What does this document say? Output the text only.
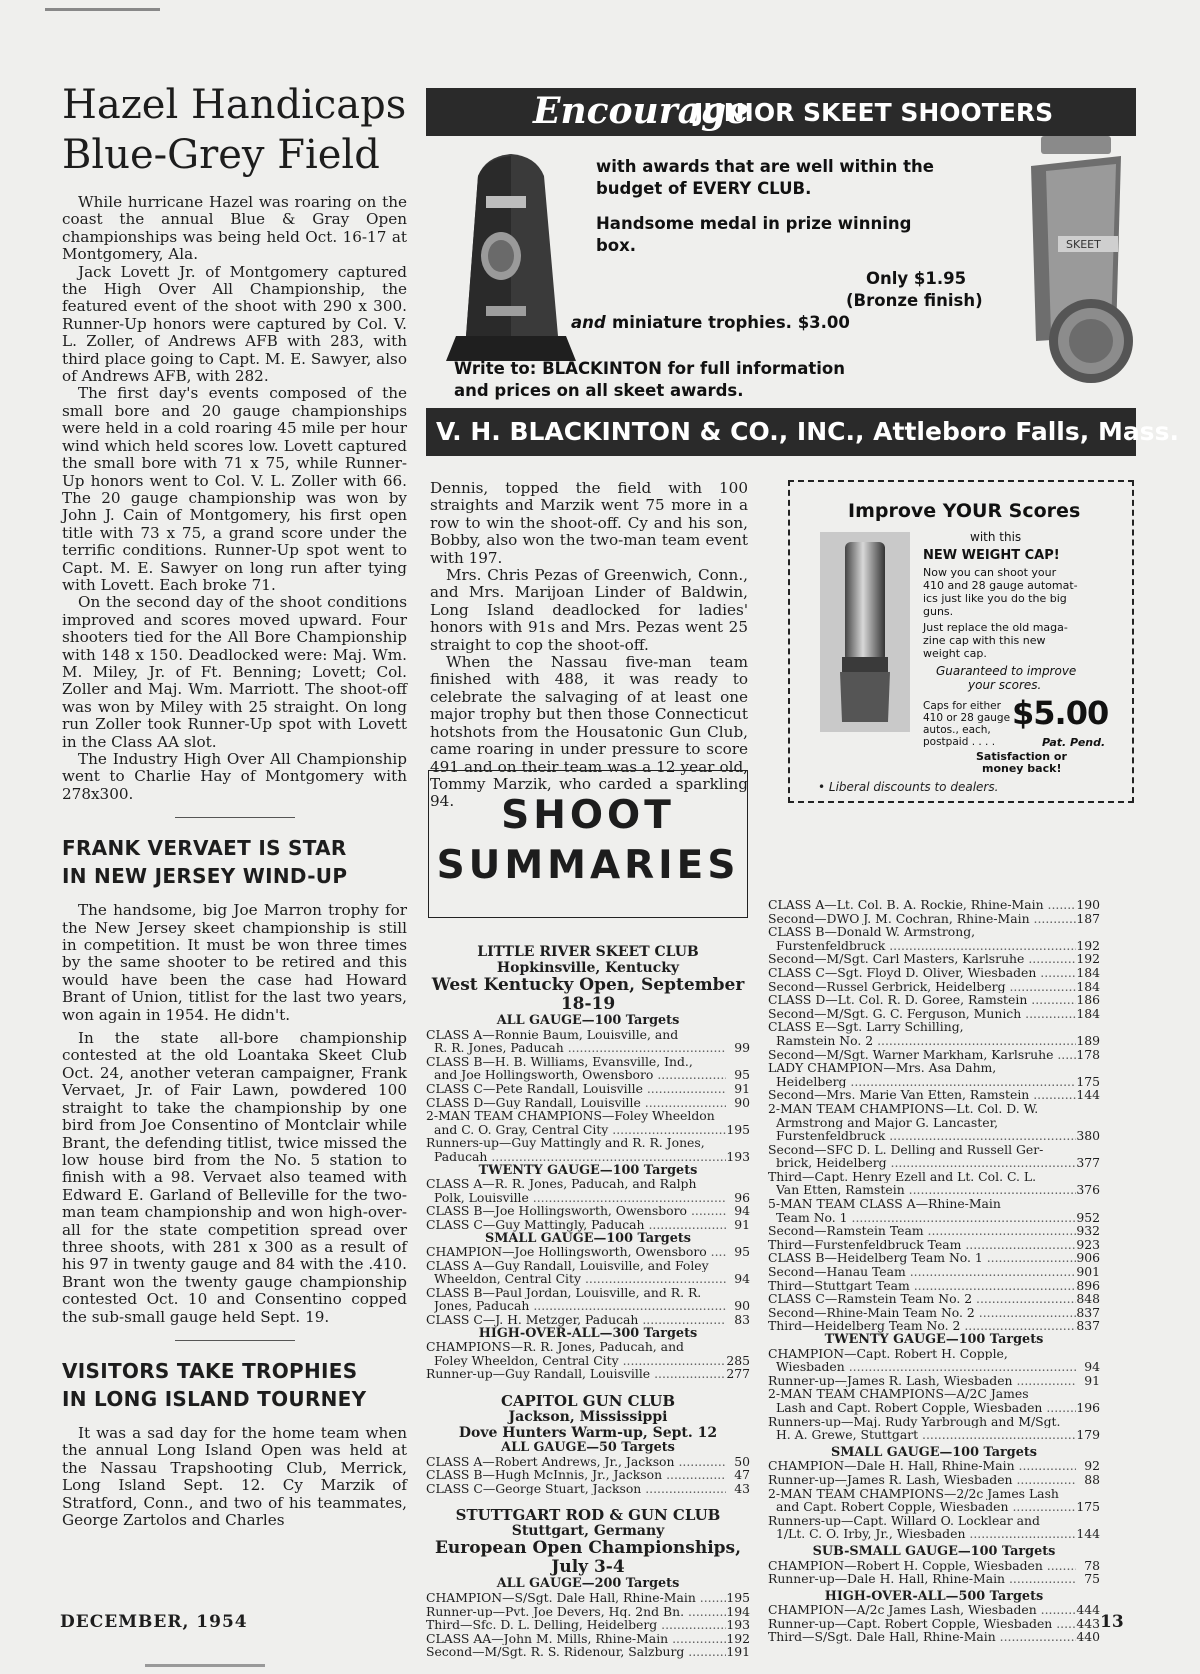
Hazel Handicaps
Blue-Grey Field

While hurricane Hazel was roaring on the coast the annual Blue & Gray Open championships was being held Oct. 16-17 at Montgomery, Ala.

Jack Lovett Jr. of Montgomery captured the High Over All Championship, the featured event of the shoot with 290 x 300. Runner-Up honors were captured by Col. V. L. Zoller, of Andrews AFB with 283, with third place going to Capt. M. E. Sawyer, also of Andrews AFB, with 282.

The first day's events composed of the small bore and 20 gauge championships were held in a cold roaring 45 mile per hour wind which held scores low. Lovett captured the small bore with 71 x 75, while Runner-Up honors went to Col. V. L. Zoller with 66. The 20 gauge championship was won by John J. Cain of Montgomery, his first open title with 73 x 75, a grand score under the terrific conditions. Runner-Up spot went to Capt. M. E. Sawyer on long run after tying with Lovett. Each broke 71.

On the second day of the shoot conditions improved and scores moved upward. Four shooters tied for the All Bore Championship with 148 x 150. Deadlocked were: Maj. Wm. M. Miley, Jr. of Ft. Benning; Lovett; Col. Zoller and Maj. Wm. Marriott. The shoot-off was won by Miley with 25 straight. On long run Zoller took Runner-Up spot with Lovett in the Class AA slot.

The Industry High Over All Championship went to Charlie Hay of Montgomery with 278x300.

FRANK VERVAET IS STAR
IN NEW JERSEY WIND-UP

The handsome, big Joe Marron trophy for the New Jersey skeet championship is still in competition. It must be won three times by the same shooter to be retired and this would have been the case had Howard Brant of Union, titlist for the last two years, won again in 1954. He didn't.

In the state all-bore championship contested at the old Loantaka Skeet Club Oct. 24, another veteran campaigner, Frank Vervaet, Jr. of Fair Lawn, powdered 100 straight to take the championship by one bird from Joe Consentino of Montclair while Brant, the defending titlist, twice missed the low house bird from the No. 5 station to finish with a 98. Vervaet also teamed with Edward E. Garland of Belleville for the two-man team championship and won high-over-all for the state competition spread over three shoots, with 281 x 300 as a result of his 97 in twenty gauge and 84 with the .410. Brant won the twenty gauge championship contested Oct. 10 and Consentino copped the sub-small gauge held Sept. 19.

VISITORS TAKE TROPHIES
IN LONG ISLAND TOURNEY

It was a sad day for the home team when the annual Long Island Open was held at the Nassau Trapshooting Club, Merrick, Long Island Sept. 12. Cy Marzik of Stratford, Conn., and two of his teammates, George Zartolos and Charles

Encourage
JUNIOR SKEET SHOOTERS
SKEET
with awards that are well within the
budget of EVERY CLUB.
Handsome medal in prize winning
box.
Only $1.95
(Bronze finish)
and miniature trophies. $3.00
Write to: BLACKINTON for full information
V. H. BLACKINTON & CO., INC., Attleboro Falls, Mass.
and prices on all skeet awards.

Dennis, topped the field with 100 straights and Marzik went 75 more in a row to win the shoot-off. Cy and his son, Bobby, also won the two-man team event with 197.

Mrs. Chris Pezas of Greenwich, Conn., and Mrs. Marijoan Linder of Baldwin, Long Island deadlocked for ladies' honors with 91s and Mrs. Pezas went 25 straight to cop the shoot-off.

When the Nassau five-man team finished with 488, it was ready to celebrate the salvaging of at least one major trophy but then those Connecticut hotshots from the Housatonic Gun Club, came roaring in under pressure to score 491 and on their team was a 12 year old, Tommy Marzik, who carded a sparkling 94.	SHOOT
SUMMARIES

LITTLE RIVER SKEET CLUB

Hopkinsville, Kentucky

West Kentucky Open, September 18-19

ALL GAUGE—100 Targets
CLASS A—Ronnie Baum, Louisville, and
R. R. Jones, Paducah .....	99
CLASS B—H. B. Williams, Evansville, Ind.,
and Joe Hollingsworth, Owensboro .....	95
CLASS C—Pete Randall, Louisville .....	91
CLASS D—Guy Randall, Louisville .....	90
2-MAN TEAM CHAMPIONS—Foley Wheeldon
and C. O. Gray, Central City .....	195
Runners-up—Guy Mattingly and R. R. Jones,
Paducah .....	193
TWENTY GAUGE—100 Targets
CLASS A—R. R. Jones, Paducah, and Ralph
Polk, Louisville .....	96
CLASS B—Joe Hollingsworth, Owensboro .....	94
CLASS C—Guy Mattingly, Paducah .....	91
SMALL GAUGE—100 Targets
CHAMPION—Joe Hollingsworth, Owensboro .....	95
CLASS A—Guy Randall, Louisville, and Foley
Wheeldon, Central City .....	94
CLASS B—Paul Jordan, Louisville, and R. R.
Jones, Paducah .....	90
CLASS C—J. H. Metzger, Paducah .....	83
HIGH-OVER-ALL—300 Targets
CHAMPIONS—R. R. Jones, Paducah, and
Foley Wheeldon, Central City .....	285
Runner-up—Guy Randall, Louisville .....	277

CAPITOL GUN CLUB

Jackson, Mississippi

Dove Hunters Warm-up, Sept. 12

ALL GAUGE—50 Targets
CLASS A—Robert Andrews, Jr., Jackson .....	50
CLASS B—Hugh McInnis, Jr., Jackson .....	47
CLASS C—George Stuart, Jackson .....	43

STUTTGART ROD & GUN CLUB

Stuttgart, Germany

European Open Championships, July 3-4

ALL GAUGE—200 Targets
CHAMPION—S/Sgt. Dale Hall, Rhine-Main .....	195
Runner-up—Pvt. Joe Devers, Hq. 2nd Bn. .....	194
Third—Sfc. D. L. Delling, Heidelberg .....	193
CLASS AA—John M. Mills, Rhine-Main .....	192
Second—M/Sgt. R. S. Ridenour, Salzburg .....	191
Improve YOUR Scores
with this
NEW WEIGHT CAP!
Now you can shoot your
410 and 28 gauge automat-
ics just like you do the big
guns.
Just replace the old maga-
zine cap with this new
weight cap.
Guaranteed to improve
your scores.
Caps for either
410 or 28 gauge
autos., each,
postpaid . . . .	Pat. Pend.
$5.00
Satisfaction or
money back!
• Liberal discounts to dealers.
CLASS A—Lt. Col. B. A. Rockie, Rhine-Main .....	190
Second—DWO J. M. Cochran, Rhine-Main .....	187
CLASS B—Donald W. Armstrong,
Furstenfeldbruck .....	192
Second—M/Sgt. Carl Masters, Karlsruhe .....	192
CLASS C—Sgt. Floyd D. Oliver, Wiesbaden .....	184
Second—Russel Gerbrick, Heidelberg .....	184
CLASS D—Lt. Col. R. D. Goree, Ramstein .....	186
Second—M/Sgt. G. C. Ferguson, Munich .....	184
CLASS E—Sgt. Larry Schilling,
Ramstein No. 2 .....	189
Second—M/Sgt. Warner Markham, Karlsruhe .....	178
LADY CHAMPION—Mrs. Asa Dahm,
Heidelberg .....	175
Second—Mrs. Marie Van Etten, Ramstein .....	144
2-MAN TEAM CHAMPIONS—Lt. Col. D. W.
Armstrong and Major G. Lancaster,
Furstenfeldbruck .....	380
Second—SFC D. L. Delling and Russell Ger-
brick, Heidelberg .....	377
Third—Capt. Henry Ezell and Lt. Col. C. L.
Van Etten, Ramstein .....	376
5-MAN TEAM CLASS A—Rhine-Main
Team No. 1 .....	952
Second—Ramstein Team .....	932
Third—Furstenfeldbruck Team .....	923
CLASS B—Heidelberg Team No. 1 .....	906
Second—Hanau Team .....	901
Third—Stuttgart Team .....	896
CLASS C—Ramstein Team No. 2 .....	848
Second—Rhine-Main Team No. 2 .....	837
Third—Heidelberg Team No. 2 .....	837
TWENTY GAUGE—100 Targets
CHAMPION—Capt. Robert H. Copple,
Wiesbaden .....	94
Runner-up—James R. Lash, Wiesbaden .....	91
2-MAN TEAM CHAMPIONS—A/2C James
Lash and Capt. Robert Copple, Wiesbaden .....	196
Runners-up—Maj. Rudy Yarbrough and M/Sgt.
H. A. Grewe, Stuttgart .....	179
SMALL GAUGE—100 Targets
CHAMPION—Dale H. Hall, Rhine-Main .....	92
Runner-up—James R. Lash, Wiesbaden .....	88
2-MAN TEAM CHAMPIONS—2/2c James Lash
and Capt. Robert Copple, Wiesbaden .....	175
Runners-up—Capt. Willard O. Locklear and
1/Lt. C. O. Irby, Jr., Wiesbaden .....	144
SUB-SMALL GAUGE—100 Targets
CHAMPION—Robert H. Copple, Wiesbaden .....	78
Runner-up—Dale H. Hall, Rhine-Main .....	75
HIGH-OVER-ALL—500 Targets
CHAMPION—A/2c James Lash, Wiesbaden .....	444
Runner-up—Capt. Robert Copple, Wiesbaden .....	443
Third—S/Sgt. Dale Hall, Rhine-Main .....	440
DECEMBER, 1954	13
